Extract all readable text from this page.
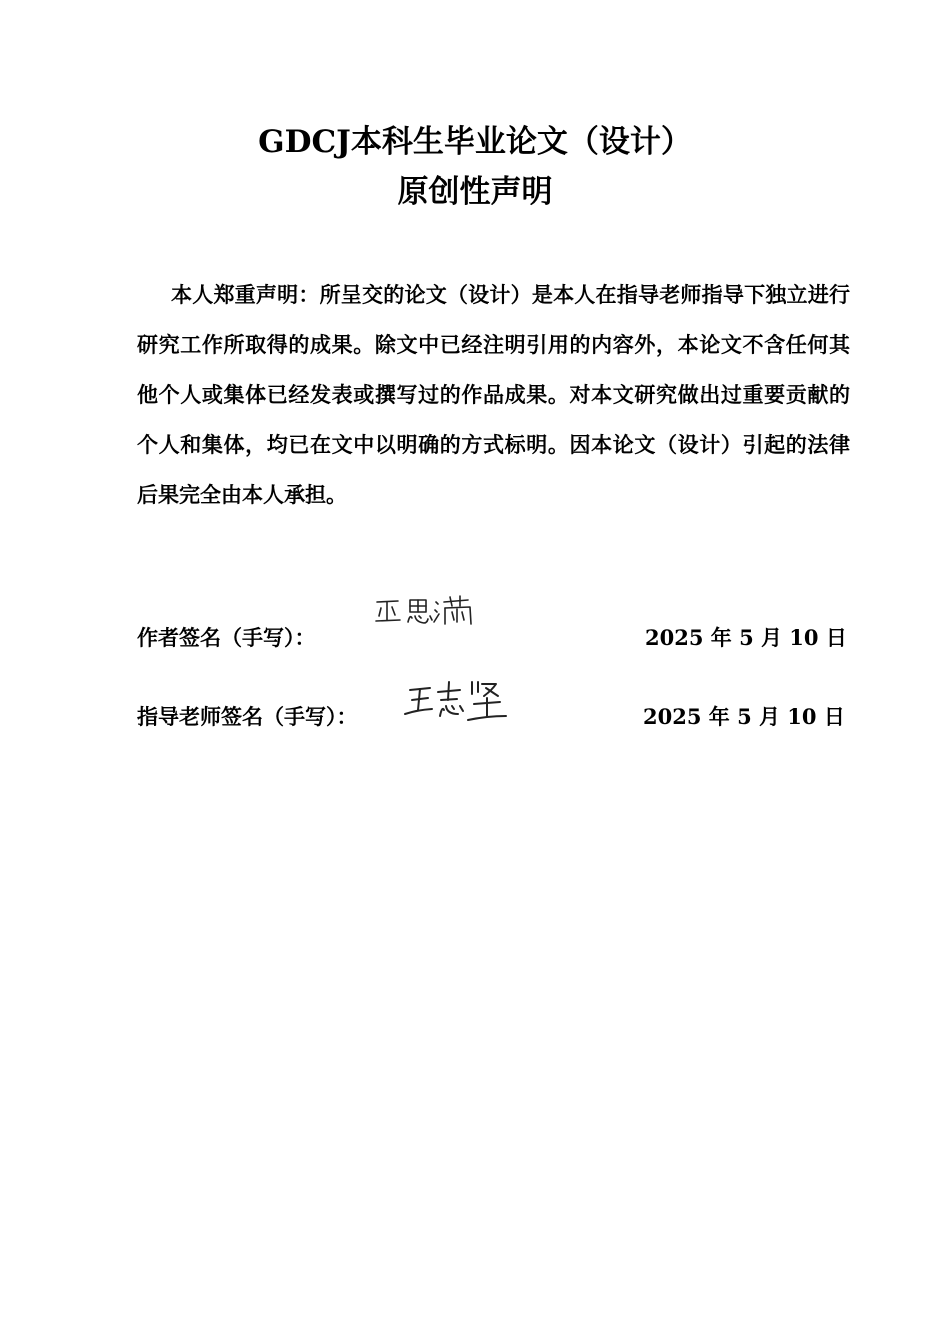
GDCJ本科生毕业论文（设计）
原创性声明

本人郑重声明：所呈交的论文（设计）是本人在指导老师指导下独立进行研究工作所取得的成果。除文中已经注明引用的内容外，本论文不含任何其他个人或集体已经发表或撰写过的作品成果。对本文研究做出过重要贡献的个人和集体，均已在文中以明确的方式标明。因本论文（设计）引起的法律后果完全由本人承担。

作者签名（手写）：	2025 年 5 月 10 日
指导老师签名（手写）：	2025 年 5 月 10 日
